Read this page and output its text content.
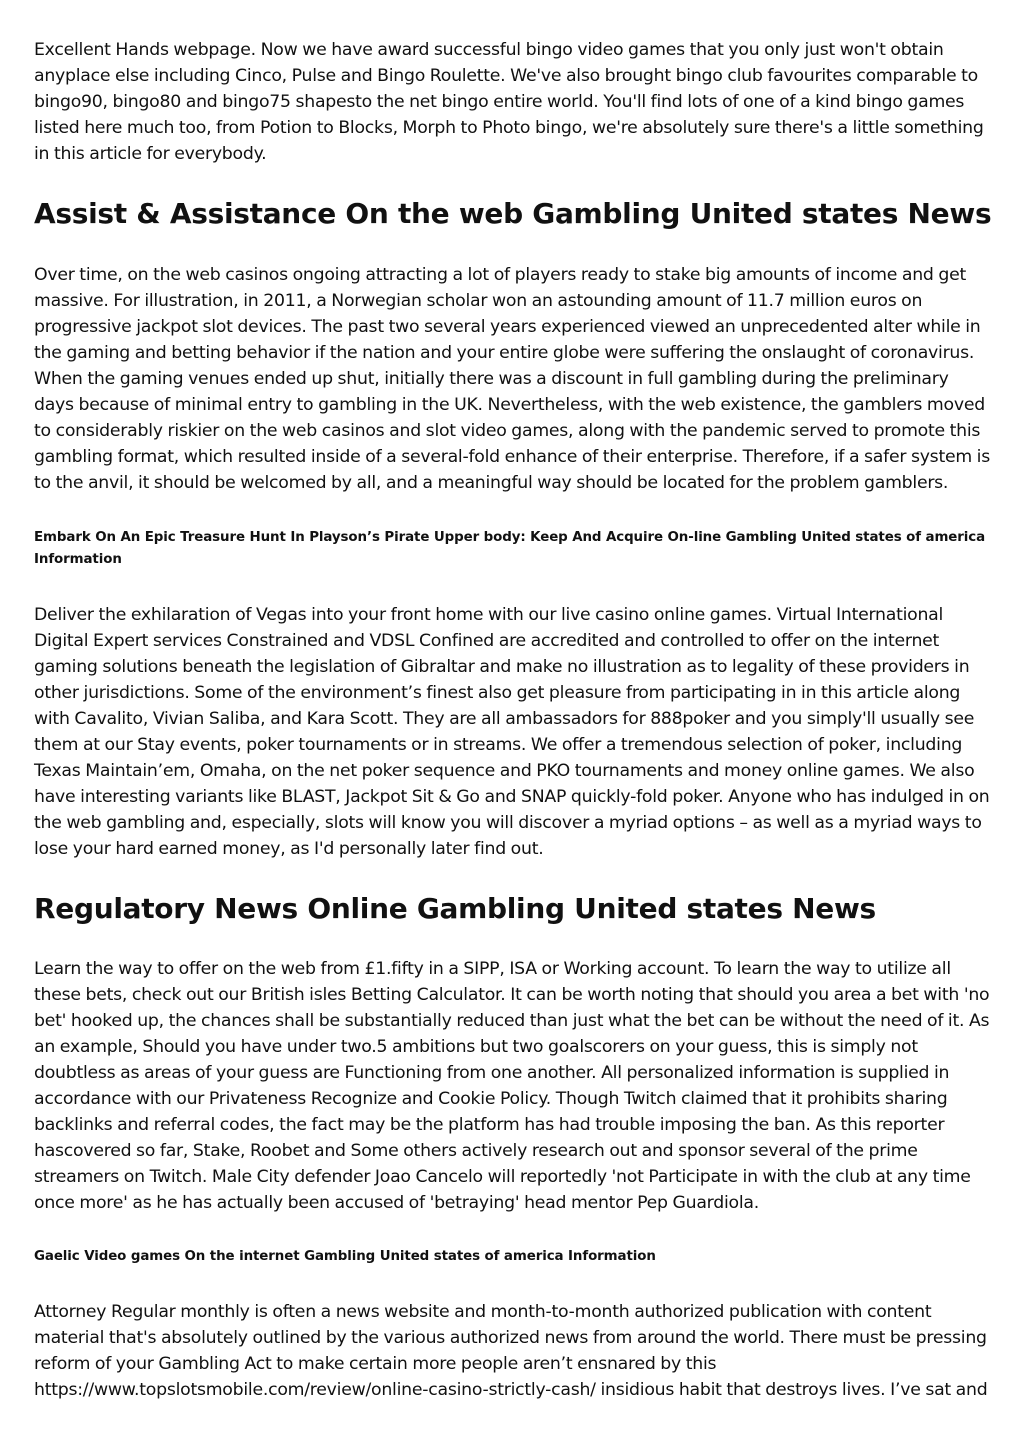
Excellent Hands webpage. Now we have award successful bingo video games that you only just won't obtain anyplace else including Cinco, Pulse and Bingo Roulette. We've also brought bingo club favourites comparable to bingo90, bingo80 and bingo75 shapesto the net bingo entire world. You'll find lots of one of a kind bingo games listed here much too, from Potion to Blocks, Morph to Photo bingo, we're absolutely sure there's a little something in this article for everybody.

Assist & Assistance On the web Gambling United states News

Over time, on the web casinos ongoing attracting a lot of players ready to stake big amounts of income and get massive. For illustration, in 2011, a Norwegian scholar won an astounding amount of 11.7 million euros on progressive jackpot slot devices. The past two several years experienced viewed an unprecedented alter while in the gaming and betting behavior if the nation and your entire globe were suffering the onslaught of coronavirus. When the gaming venues ended up shut, initially there was a discount in full gambling during the preliminary days because of minimal entry to gambling in the UK. Nevertheless, with the web existence, the gamblers moved to considerably riskier on the web casinos and slot video games, along with the pandemic served to promote this gambling format, which resulted inside of a several-fold enhance of their enterprise. Therefore, if a safer system is to the anvil, it should be welcomed by all, and a meaningful way should be located for the problem gamblers.

Embark On An Epic Treasure Hunt In Playson’s Pirate Upper body: Keep And Acquire On-line Gambling United states of america Information

Deliver the exhilaration of Vegas into your front home with our live casino online games. Virtual International Digital Expert services Constrained and VDSL Confined are accredited and controlled to offer on the internet gaming solutions beneath the legislation of Gibraltar and make no illustration as to legality of these providers in other jurisdictions. Some of the environment’s finest also get pleasure from participating in in this article along with Cavalito, Vivian Saliba, and Kara Scott. They are all ambassadors for 888poker and you simply'll usually see them at our Stay events, poker tournaments or in streams. We offer a tremendous selection of poker, including Texas Maintain’em, Omaha, on the net poker sequence and PKO tournaments and money online games. We also have interesting variants like BLAST, Jackpot Sit & Go and SNAP quickly-fold poker. Anyone who has indulged in on the web gambling and, especially, slots will know you will discover a myriad options – as well as a myriad ways to lose your hard earned money, as I'd personally later find out.

Regulatory News Online Gambling United states News

Learn the way to offer on the web from £1.fifty in a SIPP, ISA or Working account. To learn the way to utilize all these bets, check out our British isles Betting Calculator. It can be worth noting that should you area a bet with 'no bet' hooked up, the chances shall be substantially reduced than just what the bet can be without the need of it. As an example, Should you have under two.5 ambitions but two goalscorers on your guess, this is simply not doubtless as areas of your guess are Functioning from one another. All personalized information is supplied in accordance with our Privateness Recognize and Cookie Policy. Though Twitch claimed that it prohibits sharing backlinks and referral codes, the fact may be the platform has had trouble imposing the ban. As this reporter hascovered so far, Stake, Roobet and Some others actively research out and sponsor several of the prime streamers on Twitch. Male City defender Joao Cancelo will reportedly 'not Participate in with the club at any time once more' as he has actually been accused of 'betraying' head mentor Pep Guardiola.

Gaelic Video games On the internet Gambling United states of america Information

Attorney Regular monthly is often a news website and month-to-month authorized publication with content material that's absolutely outlined by the various authorized news from around the world. There must be pressing reform of your Gambling Act to make certain more people aren’t ensnared by this https://www.topslotsmobile.com/review/online-casino-strictly-cash/ insidious habit that destroys lives. I’ve sat and
